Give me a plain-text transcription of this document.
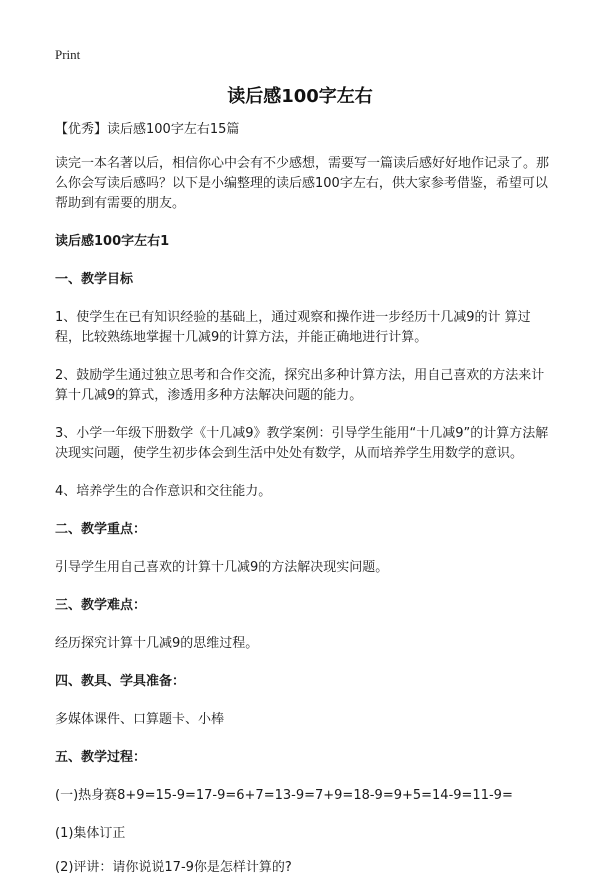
Print
读后感100字左右

【优秀】读后感100字左右15篇

读完一本名著以后，相信你心中会有不少感想，需要写一篇读后感好好地作记录了。那么你会写读后感吗？以下是小编整理的读后感100字左右，供大家参考借鉴，希望可以帮助到有需要的朋友。

读后感100字左右1

一、教学目标

1、使学生在已有知识经验的基础上，通过观察和操作进一步经历十几减9的计 算过程，比较熟练地掌握十几减9的计算方法，并能正确地进行计算。

2、鼓励学生通过独立思考和合作交流，探究出多种计算方法，用自己喜欢的方法来计算十几减9的算式，渗透用多种方法解决问题的能力。

3、小学一年级下册数学《十几减9》教学案例：引导学生能用“十几减9”的计算方法解决现实问题，使学生初步体会到生活中处处有数学，从而培养学生用数学的意识。

4、培养学生的合作意识和交往能力。

二、教学重点：

引导学生用自己喜欢的计算十几减9的方法解决现实问题。

三、教学难点：

经历探究计算十几减9的思维过程。

四、教具、学具准备：

多媒体课件、口算题卡、小棒

五、教学过程：

(一)热身赛8+9=15-9=17-9=6+7=13-9=7+9=18-9=9+5=14-9=11-9=

(1)集体订正

(2)评讲：请你说说17-9你是怎样计算的?
